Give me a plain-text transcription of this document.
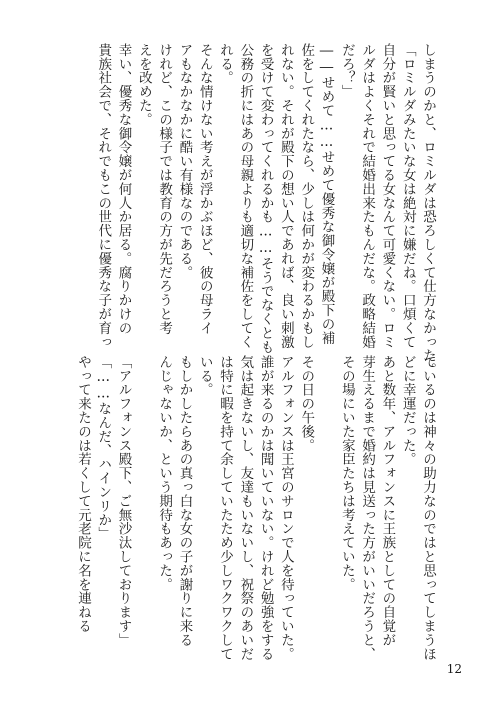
しまうのかと、ロミルダは恐ろしくて仕方なかった。
「ロミルダみたいな女は絶対に嫌だね。口煩くて
自分が賢いと思ってる女なんて可愛くない。ロミ
ルダはよくそれで結婚出来たもんだな。政略結婚
だろ？」
――せめて……せめて優秀な御令嬢が殿下の補
佐をしてくれたなら、少しは何かが変わるかもし
れない。それが殿下の想い人であれば、良い刺激
を受けて変わってくれるかも……そうでなくとも
公務の折にはあの母親よりも適切な補佐をしてく
れる。
そんな情けない考えが浮かぶほど、彼の母ライ
アもなかなかに酷い有様なのである。
けれど、この様子では教育の方が先だろうと考
えを改めた。
幸い、優秀な御令嬢が何人か居る。腐りかけの
貴族社会で、それでもこの世代に優秀な子が育っ
ているのは神々の助力なのではと思ってしまうほ
どに幸運だった。
あと数年、アルフォンスに王族としての自覚が
芽生えるまで婚約は見送った方がいいだろうと、
その場にいた家臣たちは考えていた。

その日の午後。
アルフォンスは王宮のサロンで人を待っていた。
誰が来るのかは聞いていない。けれど勉強をする
気は起きないし、友達もいないし、祝祭のあいだ
は特に暇を持て余していたため少しワクワクして
いる。
もしかしたらあの真っ白な女の子が謝りに来る
んじゃないか、という期待もあった。

「アルフォンス殿下、ご無沙汰しております」
「……なんだ、ハインリか」
やって来たのは若くして元老院に名を連ねる
12
